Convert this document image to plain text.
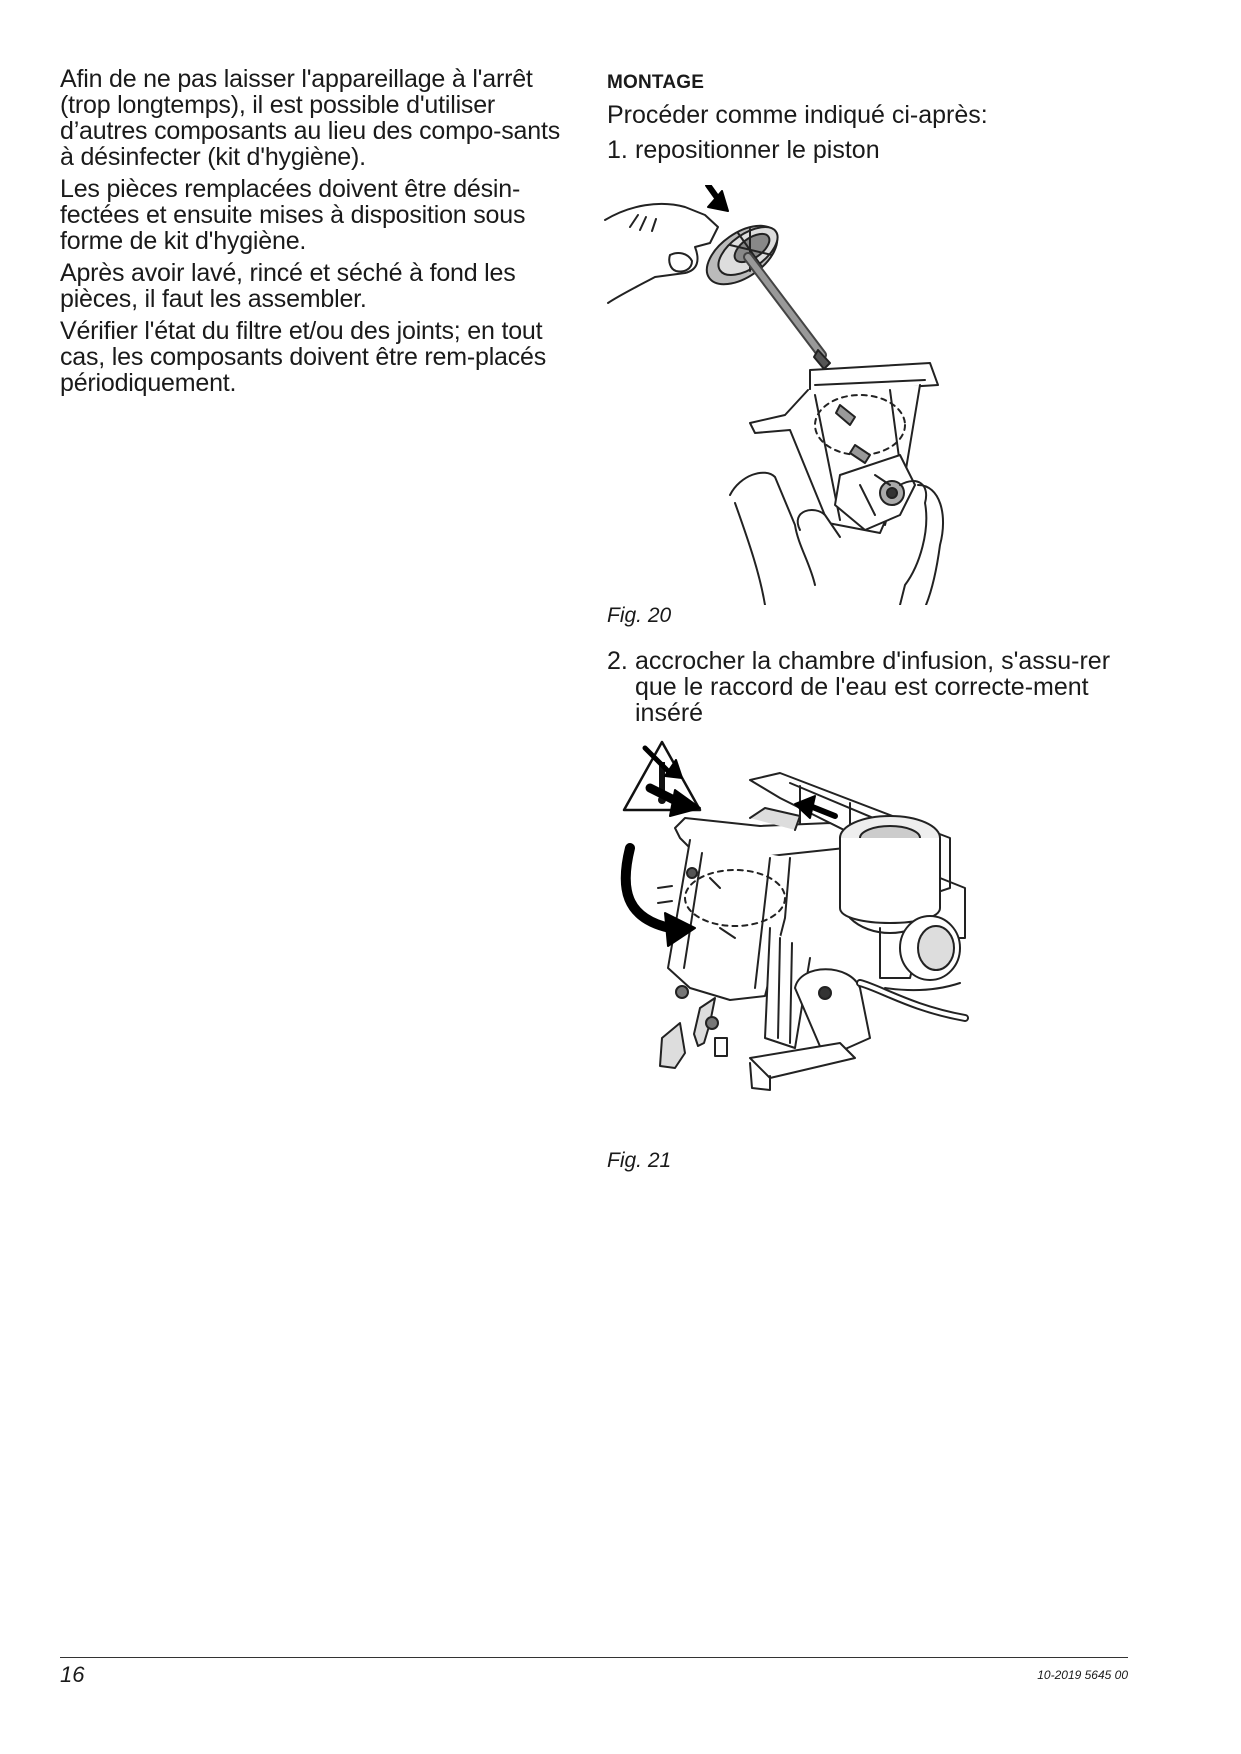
Afin de ne pas laisser l'appareillage à l'arrêt (trop longtemps), il est possible d'utiliser d’autres composants au lieu des compo-sants à désinfecter (kit d'hygiène).

Les pièces remplacées doivent être désin-fectées et ensuite mises à disposition sous forme de kit d'hygiène.

Après avoir lavé, rincé et séché à fond les pièces, il faut les assembler.

Vérifier l'état du filtre et/ou des joints; en tout cas, les composants doivent être rem-placés périodiquement.

MONTAGE
Procéder comme indiqué ci-après:
1. repositionner le piston
Fig. 20
2. accrocher la chambre d'infusion, s'assu-rer que le raccord de l'eau est correcte-ment inséré
Fig. 21
16	10-2019 5645 00
